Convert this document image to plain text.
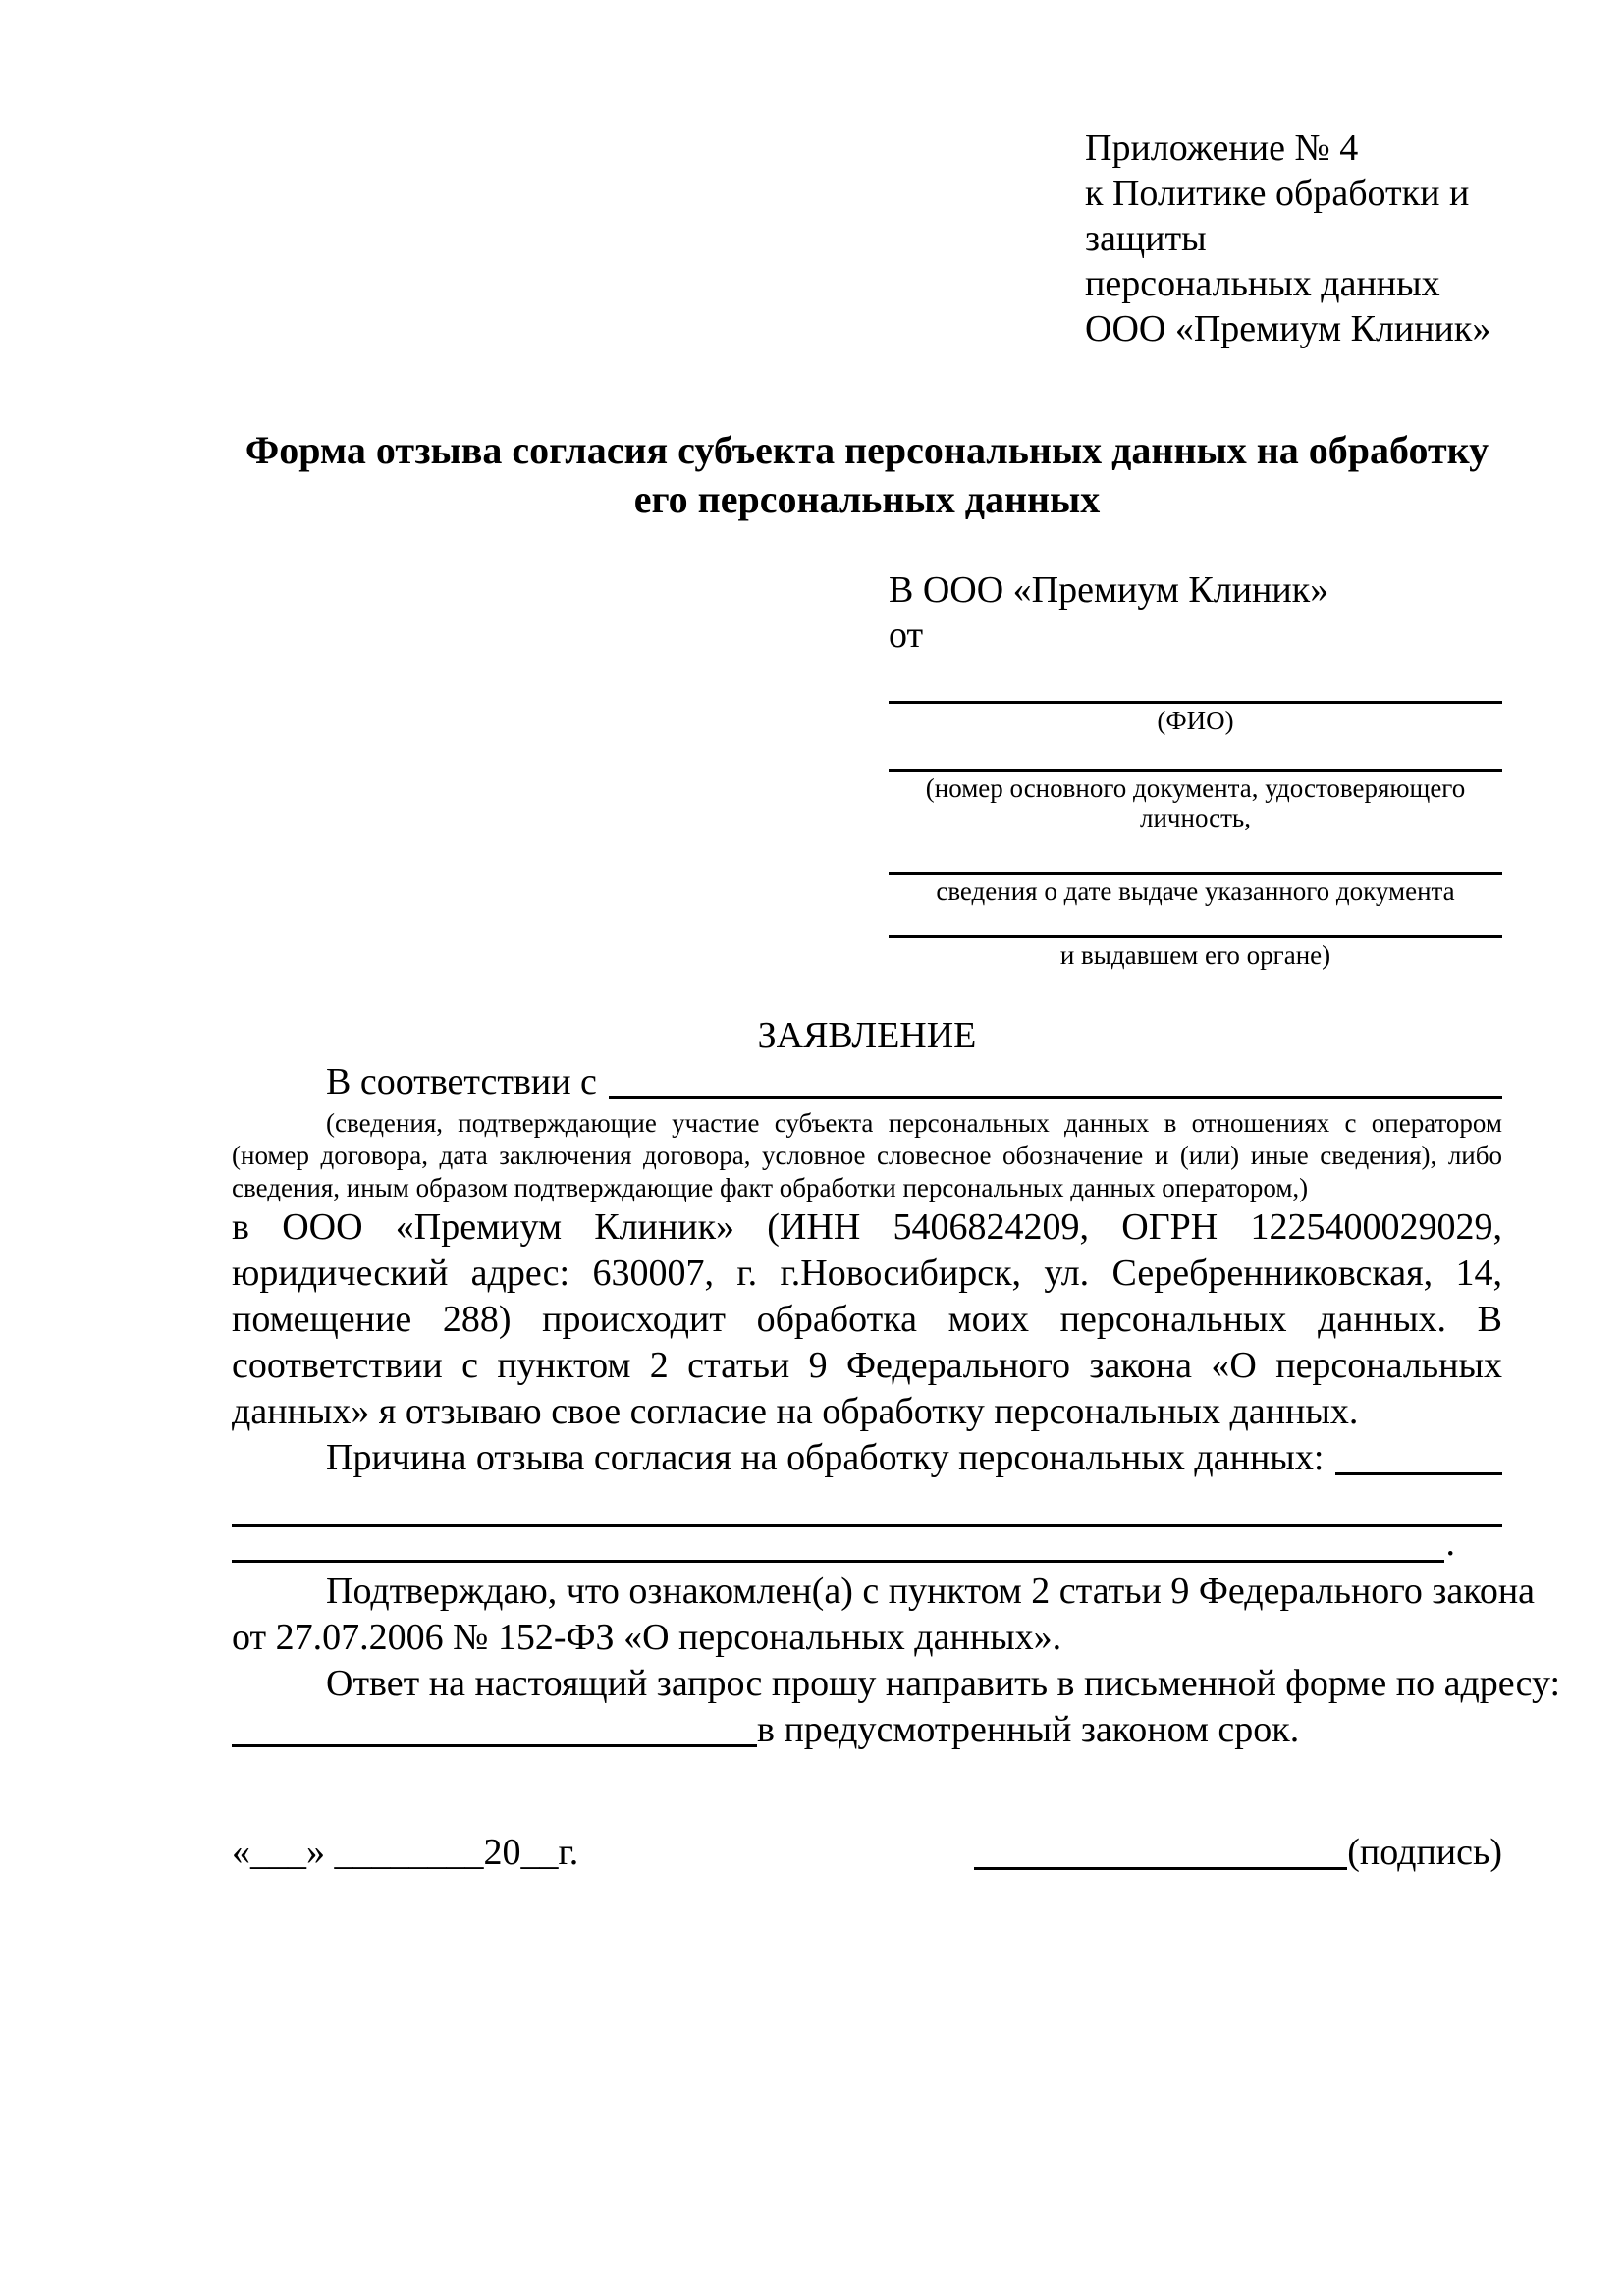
Приложение № 4
к Политике обработки и защиты
персональных данных
ООО «Премиум Клиник»
Форма отзыва согласия субъекта персональных данных на обработку
его персональных данных
В ООО «Премиум Клиник»
от
(ФИО)
(номер основного документа, удостоверяющего личность,
сведения о дате выдаче указанного документа
и выдавшем его органе)
ЗАЯВЛЕНИЕ
В соответствии с
(сведения, подтверждающие участие субъекта персональных данных в отношениях с оператором (номер договора, дата заключения договора, условное словесное обозначение и (или) иные сведения), либо сведения, иным образом подтверждающие факт обработки персональных данных оператором,)
в ООО «Премиум Клиник» (ИНН 5406824209, ОГРН 1225400029029, юридический адрес: 630007, г. г.Новосибирск, ул. Серебренниковская, 14, помещение 288) происходит обработка моих персональных данных. В соответствии с пунктом 2 статьи 9 Федерального закона «О персональных данных» я отзываю свое согласие на обработку персональных данных.
Причина отзыва согласия на обработку персональных данных:
.
Подтверждаю, что ознакомлен(а) с пунктом 2 статьи 9 Федерального закона
от 27.07.2006 № 152-ФЗ «О персональных данных».
Ответ на настоящий запрос прошу направить в письменной форме по адресу:
в предусмотренный законом срок.
«___» ________20__г.	(подпись)
